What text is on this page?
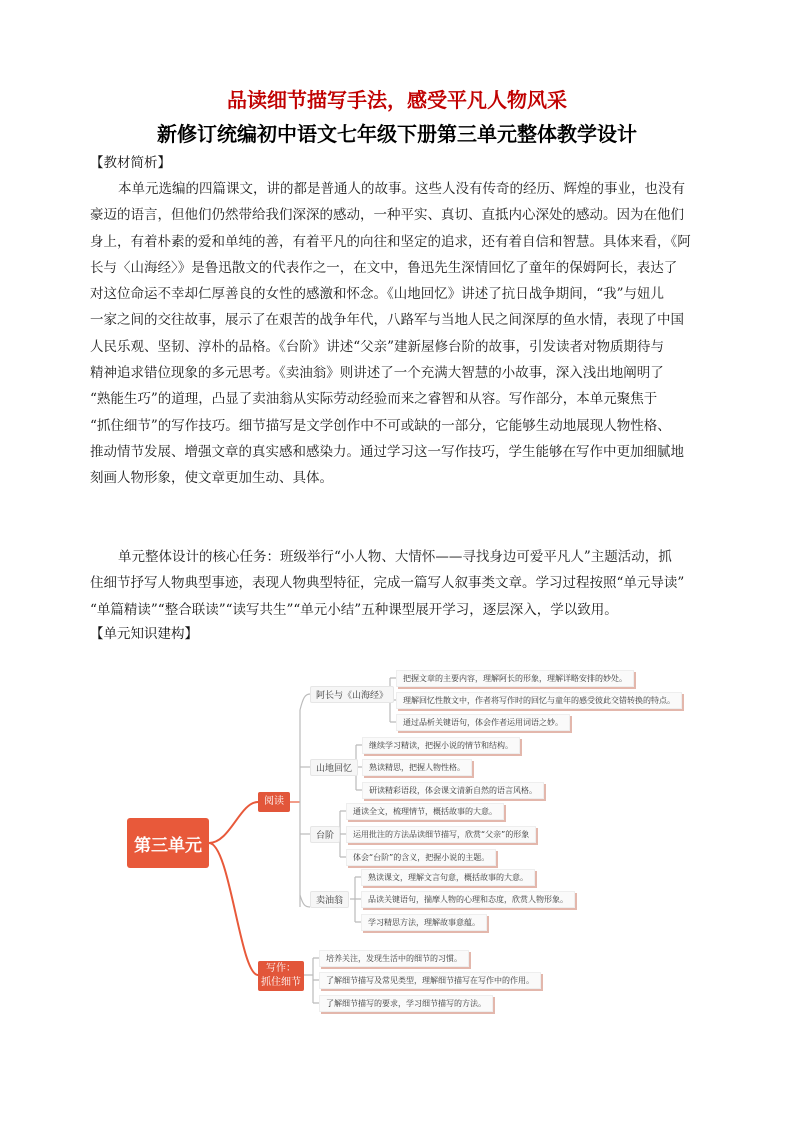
品读细节描写手法，感受平凡人物风采
新修订统编初中语文七年级下册第三单元整体教学设计
【教材简析】
本单元选编的四篇课文，讲的都是普通人的故事。这些人没有传奇的经历、辉煌的事业，也没有
豪迈的语言，但他们仍然带给我们深深的感动，一种平实、真切、直抵内心深处的感动。因为在他们
身上，有着朴素的爱和单纯的善，有着平凡的向往和坚定的追求，还有着自信和智慧。具体来看，《阿
长与〈山海经〉》是鲁迅散文的代表作之一，在文中，鲁迅先生深情回忆了童年的保姆阿长，表达了
对这位命运不幸却仁厚善良的女性的感激和怀念。《山地回忆》讲述了抗日战争期间，“我”与妞儿
一家之间的交往故事，展示了在艰苦的战争年代，八路军与当地人民之间深厚的鱼水情，表现了中国
人民乐观、坚韧、淳朴的品格。《台阶》讲述“父亲”建新屋修台阶的故事，引发读者对物质期待与
精神追求错位现象的多元思考。《卖油翁》则讲述了一个充满大智慧的小故事，深入浅出地阐明了
“熟能生巧”的道理，凸显了卖油翁从实际劳动经验而来之睿智和从容。写作部分，本单元聚焦于
“抓住细节”的写作技巧。细节描写是文学创作中不可或缺的一部分，它能够生动地展现人物性格、
推动情节发展、增强文章的真实感和感染力。通过学习这一写作技巧，学生能够在写作中更加细腻地
刻画人物形象，使文章更加生动、具体。
单元整体设计的核心任务：班级举行“小人物、大情怀——寻找身边可爱平凡人”主题活动，抓
住细节抒写人物典型事迹，表现人物典型特征，完成一篇写人叙事类文章。学习过程按照“单元导读”
“单篇精读”“整合联读”“读写共生”“单元小结”五种课型展开学习，逐层深入，学以致用。
【单元知识建构】
第三单元
阅读
写作：
抓住细节
阿长与《山海经》
山地回忆
台阶
卖油翁
把握文章的主要内容，理解阿长的形象，理解详略安排的妙处。
理解回忆性散文中，作者将写作时的回忆与童年的感受彼此交错转换的特点。
通过品析关键语句，体会作者运用词语之妙。
继续学习精读，把握小说的情节和结构。
熟读精思，把握人物性格。
研读精彩语段，体会课文清新自然的语言风格。
通读全文，梳理情节，概括故事的大意。
运用批注的方法品读细节描写，欣赏“父亲”的形象
体会“台阶”的含义，把握小说的主题。
熟读课文，理解文言句意，概括故事的大意。
品读关键语句，揣摩人物的心理和态度，欣赏人物形象。
学习精思方法，理解故事意蕴。
培养关注，发现生活中的细节的习惯。
了解细节描写及常见类型，理解细节描写在写作中的作用。
了解细节描写的要求，学习细节描写的方法。
